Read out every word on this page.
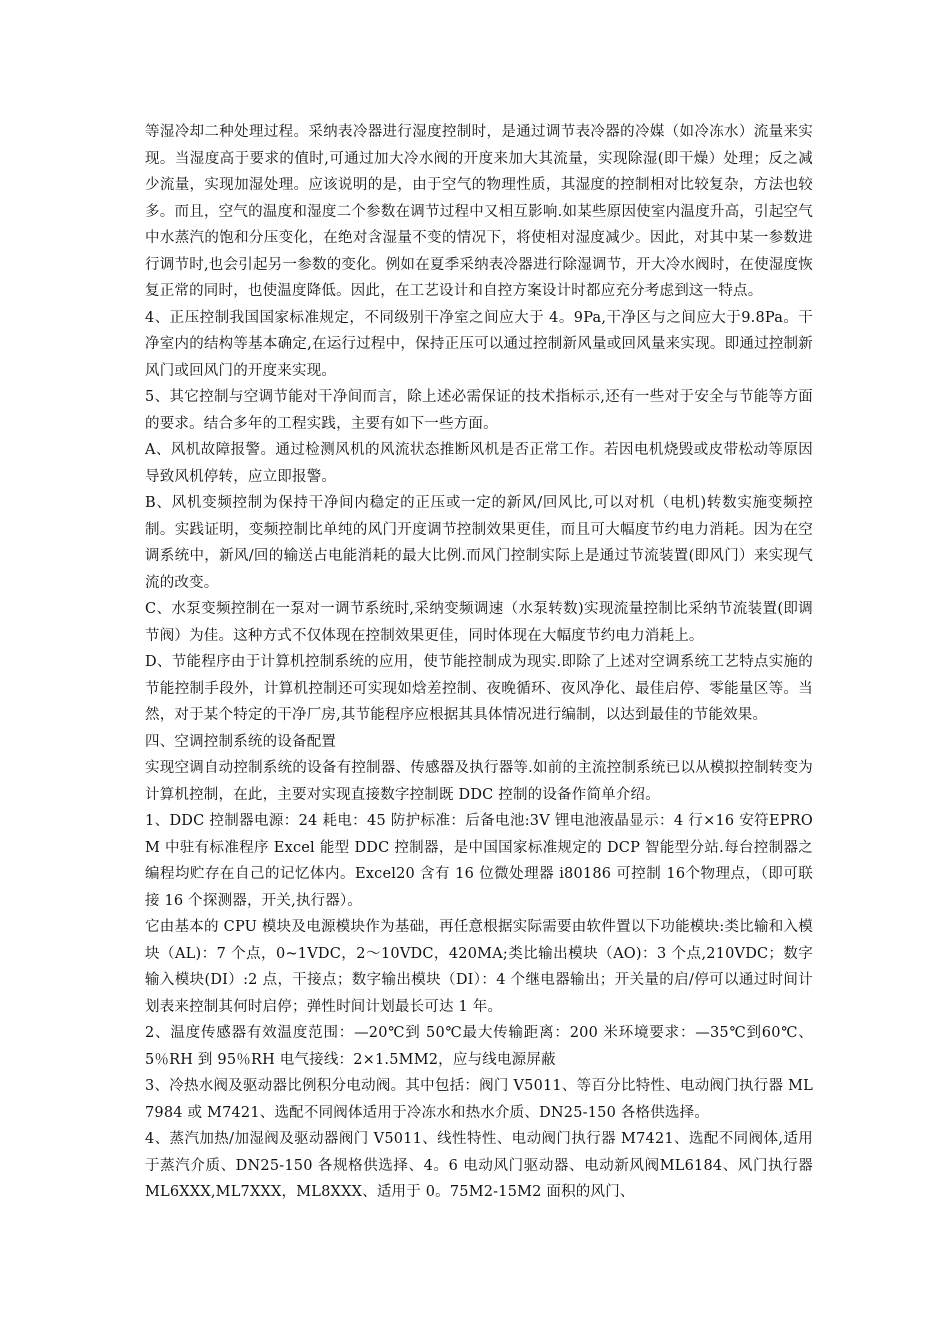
等湿冷却二种处理过程。采纳表冷器进行湿度控制时，是通过调节表冷器的冷媒（如冷冻水）流量来实现。当湿度高于要求的值时,可通过加大冷水阀的开度来加大其流量，实现除湿(即干燥）处理；反之减少流量，实现加湿处理。应该说明的是，由于空气的物理性质，其湿度的控制相对比较复杂，方法也较多。而且，空气的温度和湿度二个参数在调节过程中又相互影响.如某些原因使室内温度升高，引起空气中水蒸汽的饱和分压变化，在绝对含湿量不变的情况下，将使相对湿度减少。因此，对其中某一参数进行调节时,也会引起另一参数的变化。例如在夏季采纳表冷器进行除湿调节，开大冷水阀时，在使湿度恢复正常的同时，也使温度降低。因此，在工艺设计和自控方案设计时都应充分考虑到这一特点。

4、正压控制我国国家标准规定，不同级别干净室之间应大于 4。9Pa,干净区与之间应大于9.8Pa。干净室内的结构等基本确定,在运行过程中，保持正压可以通过控制新风量或回风量来实现。即通过控制新风门或回风门的开度来实现。

5、其它控制与空调节能对干净间而言，除上述必需保证的技术指标示,还有一些对于安全与节能等方面的要求。结合多年的工程实践，主要有如下一些方面。

A、风机故障报警。通过检测风机的风流状态推断风机是否正常工作。若因电机烧毁或皮带松动等原因导致风机停转，应立即报警。

B、风机变频控制为保持干净间内稳定的正压或一定的新风/回风比,可以对机（电机)转数实施变频控制。实践证明，变频控制比单纯的风门开度调节控制效果更佳，而且可大幅度节约电力消耗。因为在空调系统中，新风/回的输送占电能消耗的最大比例.而风门控制实际上是通过节流装置(即风门）来实现气流的改变。

C、水泵变频控制在一泵对一调节系统时,采纳变频调速（水泵转数)实现流量控制比采纳节流装置(即调节阀）为佳。这种方式不仅体现在控制效果更佳，同时体现在大幅度节约电力消耗上。

D、节能程序由于计算机控制系统的应用，使节能控制成为现实.即除了上述对空调系统工艺特点实施的节能控制手段外，计算机控制还可实现如焓差控制、夜晚循环、夜风净化、最佳启停、零能量区等。当然，对于某个特定的干净厂房,其节能程序应根据其具体情况进行编制，以达到最佳的节能效果。

四、空调控制系统的设备配置

实现空调自动控制系统的设备有控制器、传感器及执行器等.如前的主流控制系统已以从模拟控制转变为计算机控制，在此，主要对实现直接数字控制既 DDC 控制的设备作简单介绍。

1、DDC 控制器电源：24 耗电：45 防护标准：后备电池:3V 锂电池液晶显示：4 行×16 安符EPROM 中驻有标准程序 Excel 能型 DDC 控制器，是中国国家标准规定的 DCP 智能型分站.每台控制器之编程均贮存在自己的记忆体内。Excel20 含有 16 位微处理器 i80186 可控制 16个物理点，（即可联接 16 个探测器，开关,执行器）。

它由基本的 CPU 模块及电源模块作为基础，再任意根据实际需要由软件置以下功能模块:类比输和入模块（AL)：7 个点，0~1VDC，2～10VDC，420MA;类比输出模块（AO)：3 个点,210VDC；数字输入模块(DI）:2 点，干接点；数字输出模块（DI）：4 个继电器输出；开关量的启/停可以通过时间计划表来控制其何时启停；弹性时间计划最长可达 1 年。

2、温度传感器有效温度范围：—20℃到 50℃最大传输距离：200 米环境要求：—35℃到60℃、5％RH 到 95％RH 电气接线：2×1.5MM2，应与线电源屏蔽

3、冷热水阀及驱动器比例积分电动阀。其中包括：阀门 V5011、等百分比特性、电动阀门执行器 ML7984 或 M7421、选配不同阀体适用于冷冻水和热水介质、DN25-150 各格供选择。

4、蒸汽加热/加湿阀及驱动器阀门 V5011、线性特性、电动阀门执行器 M7421、选配不同阀体,适用于蒸汽介质、DN25-150 各规格供选择、4。6 电动风门驱动器、电动新风阀ML6184、风门执行器 ML6XXX,ML7XXX，ML8XXX、适用于 0。75M2-15M2 面积的风门、
